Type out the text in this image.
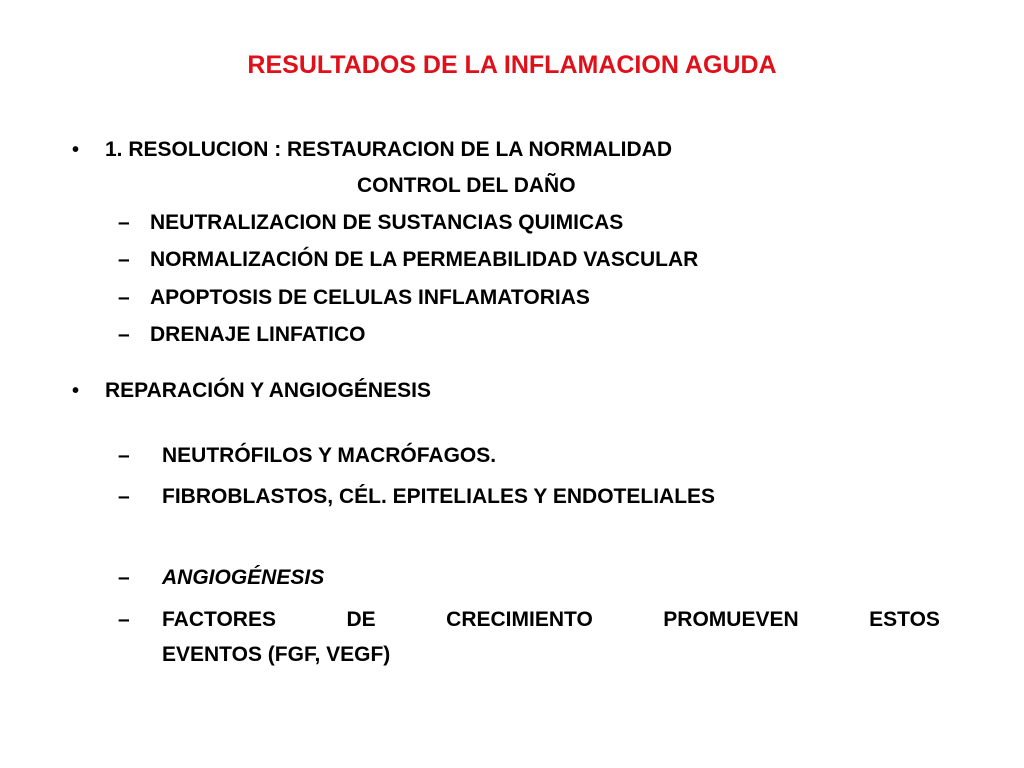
RESULTADOS DE LA INFLAMACION AGUDA
• 1. RESOLUCION : RESTAURACION DE LA NORMALIDAD
CONTROL DEL DAÑO
– NEUTRALIZACION DE SUSTANCIAS QUIMICAS
– NORMALIZACIÓN DE LA PERMEABILIDAD VASCULAR
– APOPTOSIS DE CELULAS INFLAMATORIAS
– DRENAJE LINFATICO
• REPARACIÓN Y ANGIOGÉNESIS
– NEUTRÓFILOS Y MACRÓFAGOS.
– FIBROBLASTOS, CÉL. EPITELIALES Y ENDOTELIALES
– ANGIOGÉNESIS
– FACTORES	DE	CRECIMIENTO	PROMUEVEN	ESTOS
EVENTOS (FGF, VEGF)
